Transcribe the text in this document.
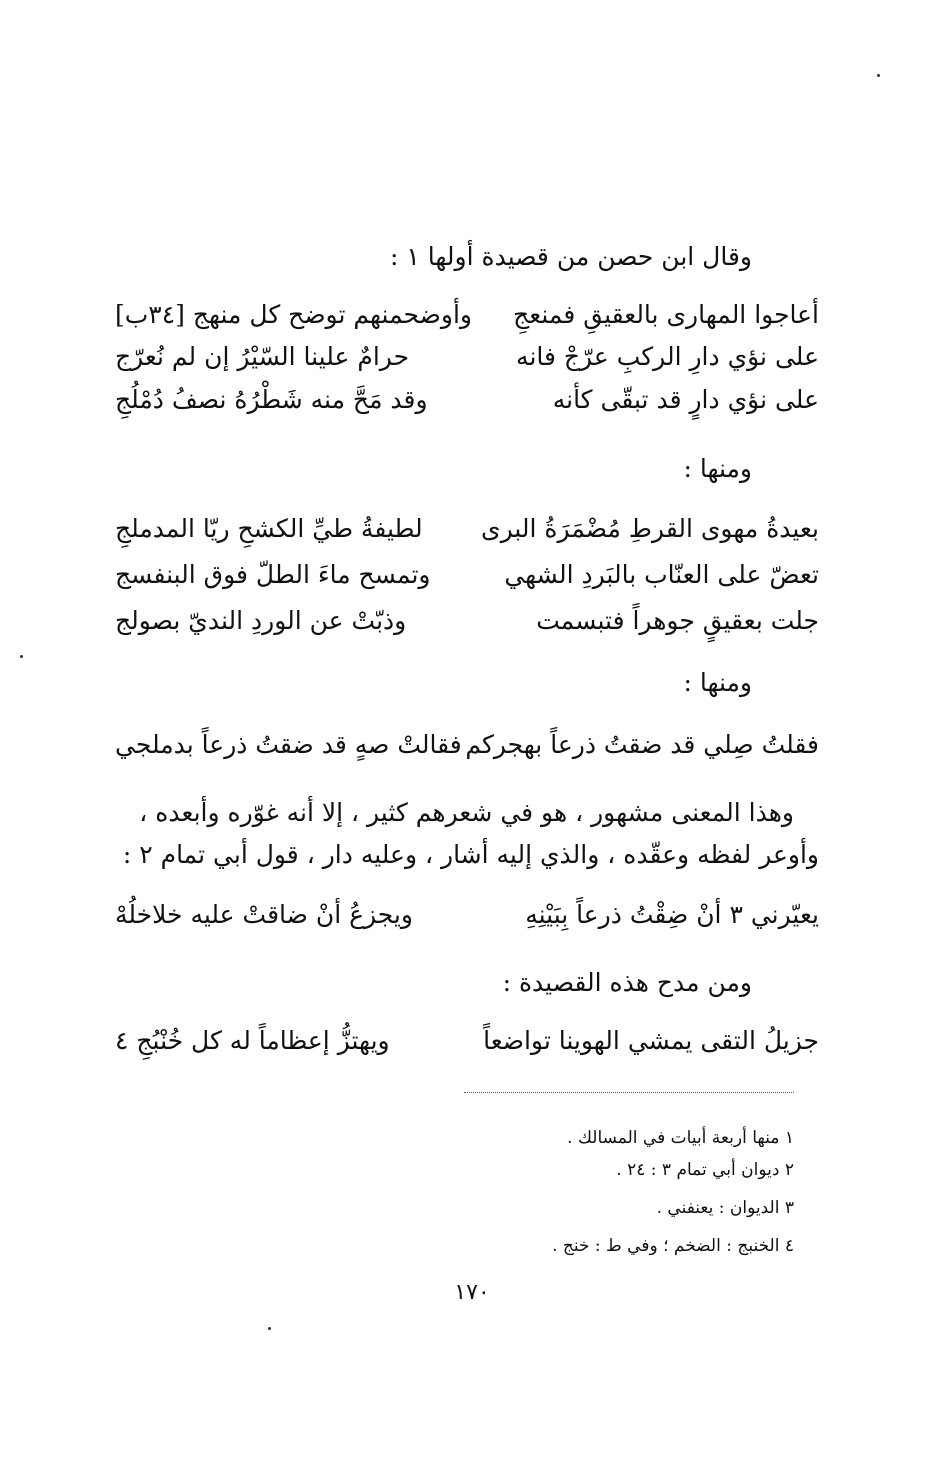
وقال ابن حصن من قصيدة أولها ١ :
أعاجوا المهارى بالعقيقِ فمنعجِ
وأوضحمنهم توضح كل منهج [٣٤ب]
على نؤي دارِ الركبِ عرّجْ فانه
حرامٌ علينا السّيْرُ إن لم نُعرّج
على نؤي دارٍ قد تبقّى كأنه
وقد مَحَّ منه شَطْرُهُ نصفُ دُمْلُجِ
ومنها :
بعيدةُ مهوى القرطِ مُضْمَرَةُ البرى
لطيفةُ طيِّ الكشحِ ريّا المدملجِ
تعضّ على العنّاب بالبَردِ الشهي
وتمسح ماءَ الطلّ فوق البنفسج
جلت بعقيقٍ جوهراً فتبسمت
وذبّتْ عن الوردِ النديّ بصولج
ومنها :
فقلتُ صِلي قد ضقتُ ذرعاً بهجركم
فقالتْ صهٍ قد ضقتُ ذرعاً بدملجي
وهذا المعنى مشهور ، هو في شعرهم كثير ، إلا أنه غوّره وأبعده ،
وأوعر لفظه وعقّده ، والذي إليه أشار ، وعليه دار ، قول أبي تمام ٢ :
يعيّرني ٣ أنْ ضِقْتُ ذرعاً بِبَيْنِهِ
ويجزعُ أنْ ضاقتْ عليه خلاخلُهْ
ومن مدح هذه القصيدة :
جزيلُ التقى يمشي الهوينا تواضعاً
ويهتزُّ إعظاماً له كل خُنْبُجِ ٤
١ منها أربعة أبيات في المسالك .
٢ ديوان أبي تمام ٣ : ٢٤ .
٣ الديوان : يعنفني .
٤ الخنبج : الضخم ؛ وفي ط : خنج .
١٧٠
